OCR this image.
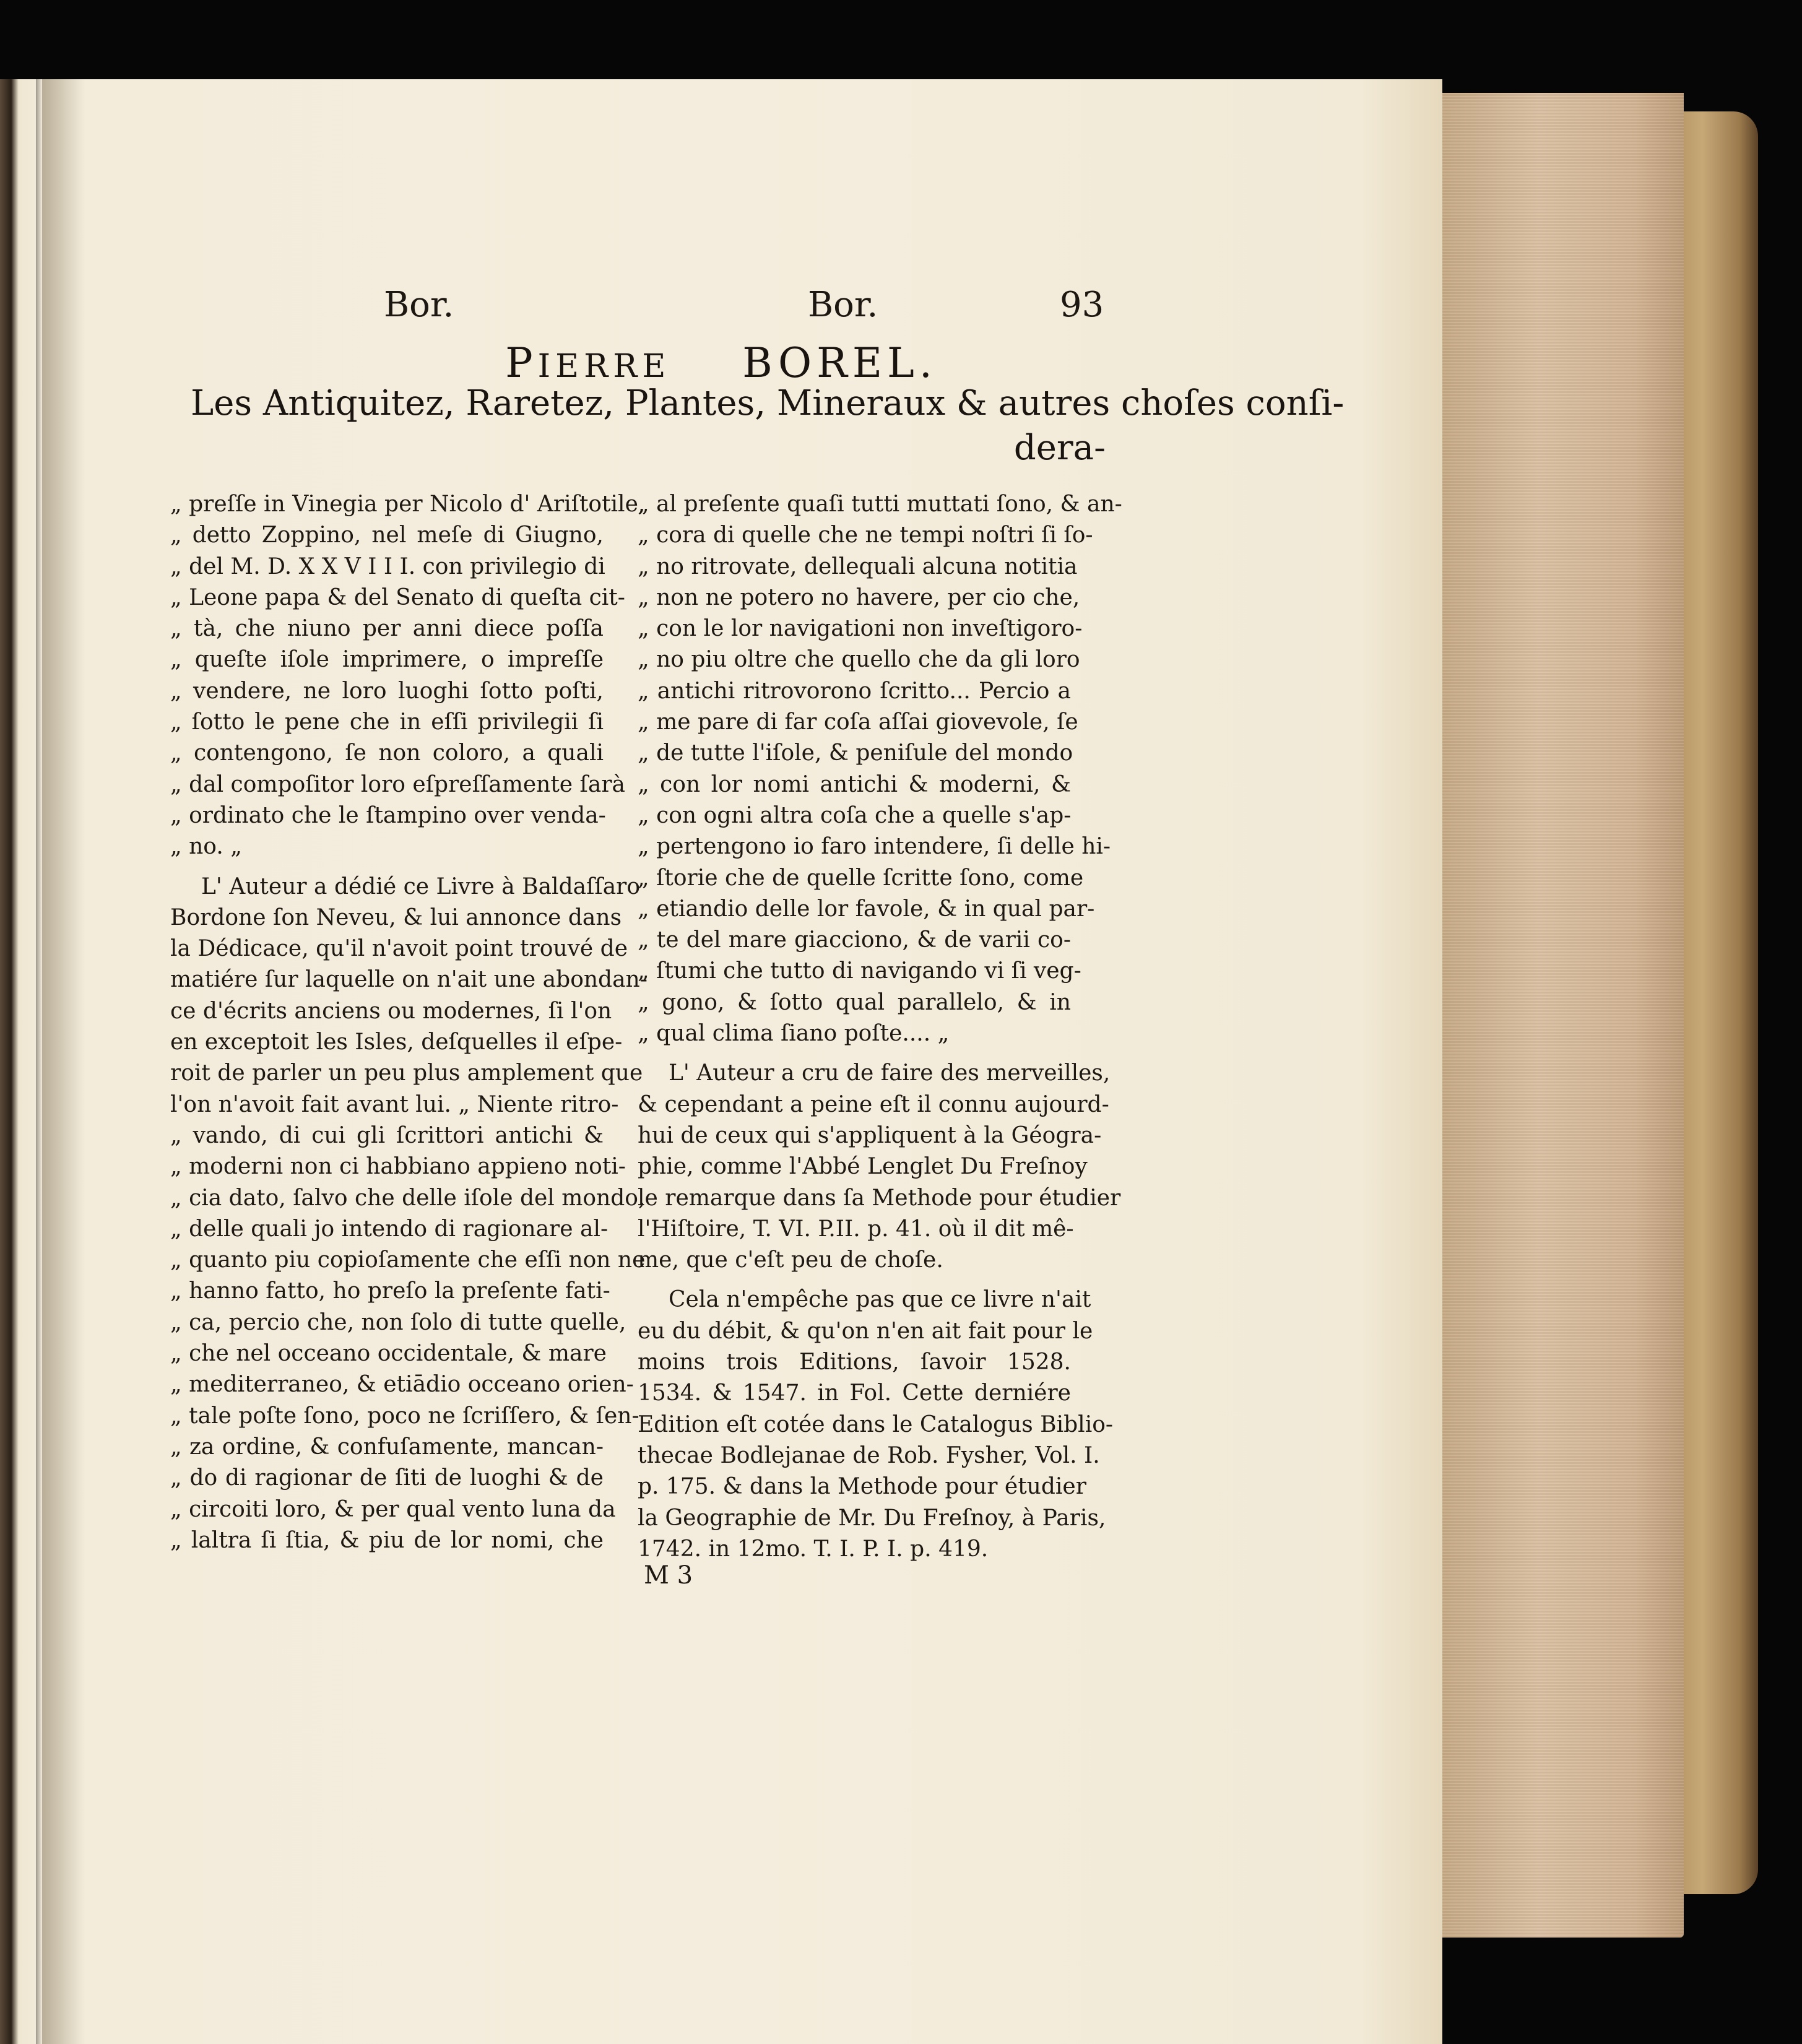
Bor.	Bor.	93
PIERRE BOREL.
Les Antiquitez, Raretez, Plantes, Mineraux & autres choſes conſi-
dera-
„ preſſe in Vinegia per Nicolo d' Ariſtotile,
„ detto Zoppino, nel meſe di Giugno,
„ del M. D. X X V I I I. con privilegio di
„ Leone papa & del Senato di queſta cit-
„ tà, che niuno per anni diece poſſa
„ queſte iſole imprimere, o impreſſe
„ vendere, ne loro luoghi ſotto poſti,
„ ſotto le pene che in eſſi privilegii ſi
„ contengono, ſe non coloro, a quali
„ dal compoſitor loro eſpreſſamente ſarà
„ ordinato che le ſtampino over venda-
„ no. „
L' Auteur a dédié ce Livre à Baldaſſaro
Bordone ſon Neveu, & lui annonce dans
la Dédicace, qu'il n'avoit point trouvé de
matiére ſur laquelle on n'ait une abondan-
ce d'écrits anciens ou modernes, ſi l'on
en exceptoit les Isles, deſquelles il eſpe-
roit de parler un peu plus amplement que
l'on n'avoit fait avant lui. „ Niente ritro-
„ vando, di cui gli ſcrittori antichi &
„ moderni non ci habbiano appieno noti-
„ cia dato, ſalvo che delle iſole del mondo,
„ delle quali jo intendo di ragionare al-
„ quanto piu copioſamente che eſſi non ne
„ hanno fatto, ho preſo la preſente fati-
„ ca, percio che, non ſolo di tutte quelle,
„ che nel occeano occidentale, & mare
„ mediterraneo, & etiādio occeano orien-
„ tale poſte ſono, poco ne ſcriſſero, & ſen-
„ za ordine, & confuſamente, mancan-
„ do di ragionar de ſiti de luoghi & de
„ circoiti loro, & per qual vento luna da
„ laltra ſi ſtia, & piu de lor nomi, che
„ al preſente quaſi tutti muttati ſono, & an-
„ cora di quelle che ne tempi noſtri ſi ſo-
„ no ritrovate, dellequali alcuna notitia
„ non ne potero no havere, per cio che,
„ con le lor navigationi non inveſtigoro-
„ no piu oltre che quello che da gli loro
„ antichi ritrovorono ſcritto... Percio a
„ me pare di far coſa aſſai giovevole, ſe
„ de tutte l'iſole, & peniſule del mondo
„ con lor nomi antichi & moderni, &
„ con ogni altra coſa che a quelle s'ap-
„ pertengono io faro intendere, ſi delle hi-
„ ſtorie che de quelle ſcritte ſono, come
„ etiandio delle lor favole, & in qual par-
„ te del mare giacciono, & de varii co-
„ ſtumi che tutto di navigando vi ſi veg-
„ gono, & ſotto qual parallelo, & in
„ qual clima ſiano poſte.... „
L' Auteur a cru de faire des merveilles,
& cependant a peine eſt il connu aujourd-
hui de ceux qui s'appliquent à la Géogra-
phie, comme l'Abbé Lenglet Du Freſnoy
le remarque dans ſa Methode pour étudier
l'Hiſtoire, T. VI. P.II. p. 41. où il dit mê-
me, que c'eſt peu de choſe.
Cela n'empêche pas que ce livre n'ait
eu du débit, & qu'on n'en ait fait pour le
moins trois Editions, ſavoir 1528.
1534. & 1547. in Fol. Cette derniére
Edition eſt cotée dans le Catalogus Biblio-
thecae Bodlejanae de Rob. Fysher, Vol. I.
p. 175. & dans la Methode pour étudier
la Geographie de Mr. Du Freſnoy, à Paris,
1742. in 12mo. T. I. P. I. p. 419.
M 3
